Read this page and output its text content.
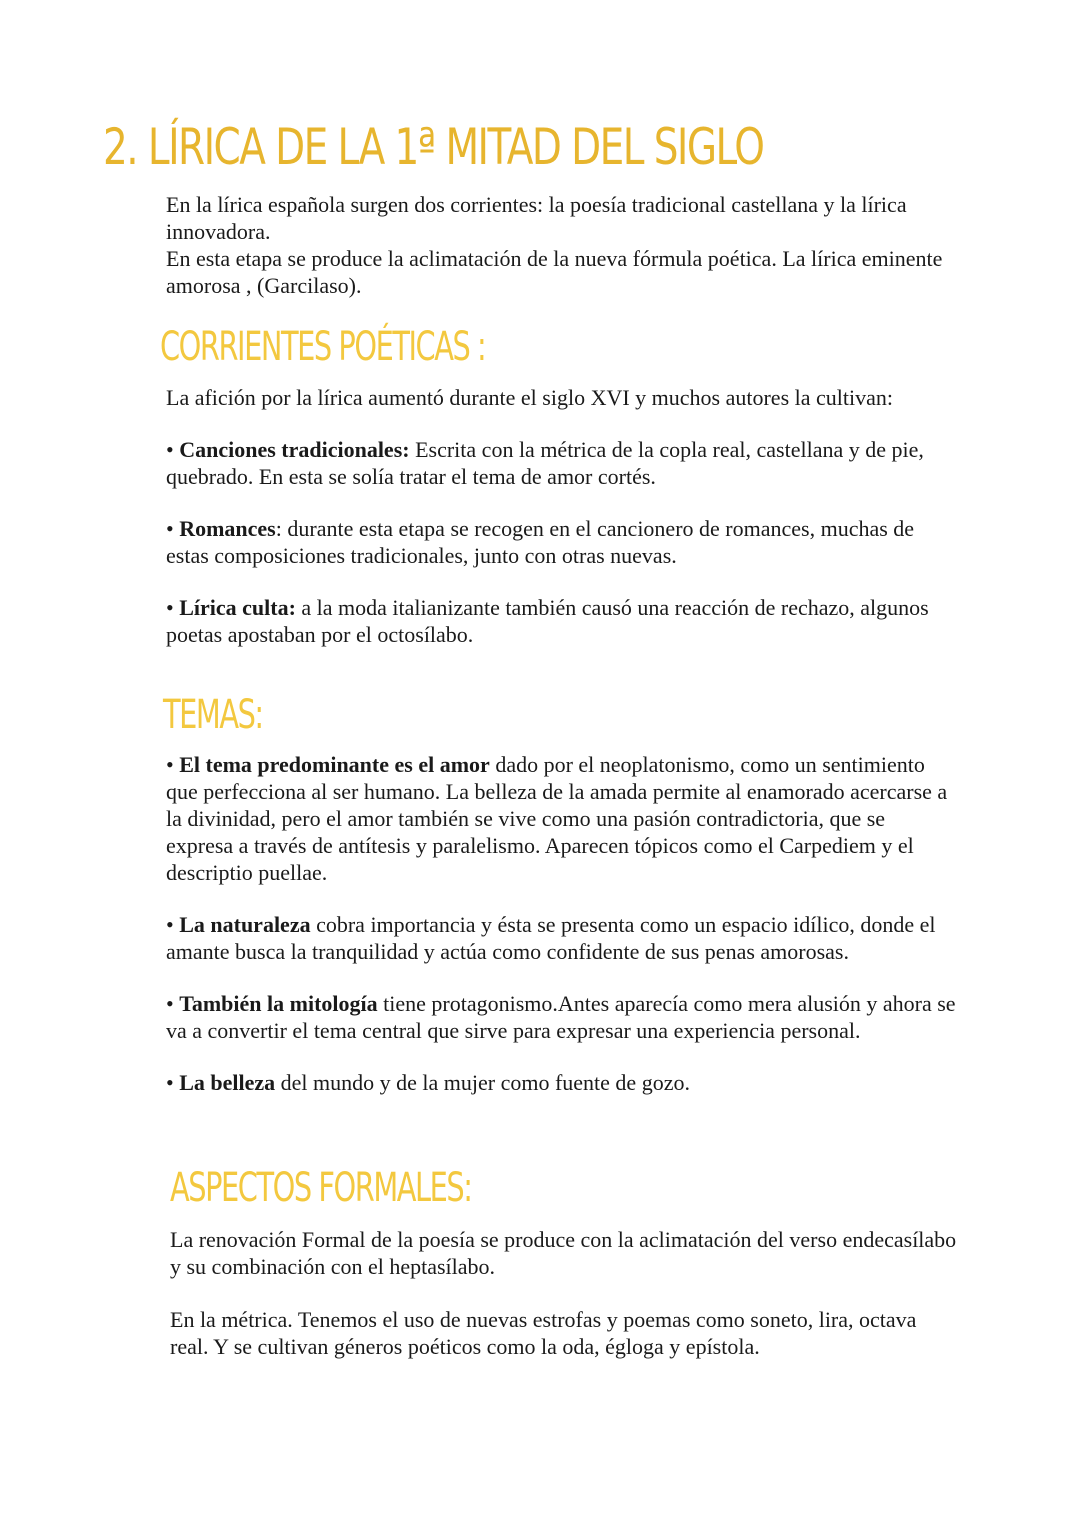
2. LÍRICA DE LA 1ª MITAD DEL SIGLO

En la lírica española surgen dos corrientes: la poesía tradicional castellana y la lírica innovadora.

En esta etapa se produce la aclimatación de la nueva fórmula poética. La lírica eminente amorosa , (Garcilaso).

CORRIENTES POÉTICAS :

La afición por la lírica aumentó durante el siglo XVI y muchos autores la cultivan:

• Canciones tradicionales: Escrita con la métrica de la copla real, castellana y de pie, quebrado. En esta se solía tratar el tema de amor cortés.

• Romances: durante esta etapa se recogen en el cancionero de romances, muchas de estas composiciones tradicionales, junto con otras nuevas.

• Lírica culta: a la moda italianizante también causó una reacción de rechazo, algunos poetas apostaban por el octosílabo.

TEMAS:

• El tema predominante es el amor dado por el neoplatonismo, como un sentimiento que perfecciona al ser humano. La belleza de la amada permite al enamorado acercarse a la divinidad, pero el amor también se vive como una pasión contradictoria, que se expresa a través de antítesis y paralelismo. Aparecen tópicos como el Carpediem y el descriptio puellae.

• La naturaleza cobra importancia y ésta se presenta como un espacio idílico, donde el amante busca la tranquilidad y actúa como confidente de sus penas amorosas.

• También la mitología tiene protagonismo.Antes aparecía como mera alusión y ahora se va a convertir el tema central que sirve para expresar una experiencia personal.

• La belleza del mundo y de la mujer como fuente de gozo.

ASPECTOS FORMALES:

La renovación Formal de la poesía se produce con la aclimatación del verso endecasílabo y su combinación con el heptasílabo.

En la métrica. Tenemos el uso de nuevas estrofas y poemas como soneto, lira, octava real. Y se cultivan géneros poéticos como la oda, égloga y epístola.
